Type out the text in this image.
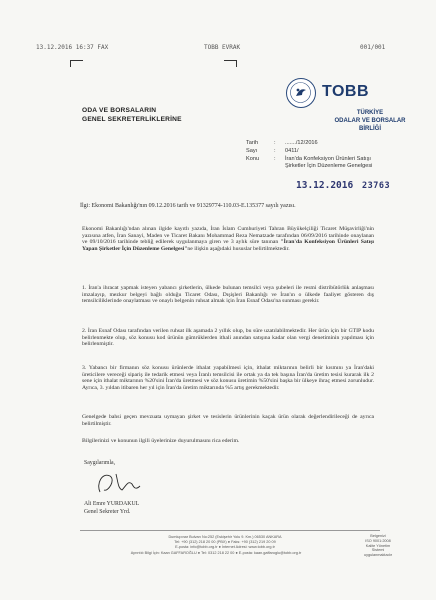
13.12.2016 16:37 FAX	TOBB EVRAK	001/001
TOBB
TÜRKİYE
ODALAR VE BORSALAR
BİRLİĞİ
ODA VE BORSALARIN
GENEL SEKRETERLİKLERİNE
Tarih	: ......./12/2016
Sayı	: 0411/
Konu	: İran'da Konfeksiyon Ürünleri Satışı
Şirketler İçin Düzenleme Genelgesi
13.12.2016 23763
İlgi: Ekonomi Bakanlığı'nın 09.12.2016 tarih ve 91329774-110.03-E.135377 sayılı yazısı.
Ekonomi Bakanlığı'ndan alınan ilgide kayıtlı yazıda, İran İslam Cumhuriyeti Tahran Büyükelçiliği Ticaret Müşavirliği'nin yazısına atfen, İran Sanayi, Maden ve Ticaret Bakanı Mohammad Reza Nematzade tarafından 06/09/2016 tarihinde onaylanan ve 09/10/2016 tarihinde tebliğ edilerek uygulanmaya giren ve 3 aylık süre tanınan "İran'da Konfeksiyon Ürünleri Satışı Yapan Şirketler İçin Düzenleme Genelgesi"ne ilişkin aşağıdaki hususlar belirtilmektedir.
1. İran'a ihracat yapmak isteyen yabancı şirketlerin, ülkede bulunan temsilci veya şubeleri ile resmi distribütörlük anlaşması imzalayıp, mezkur belgeyi bağlı olduğu Ticaret Odası, Dışişleri Bakanlığı ve İran'ın o ülkede faaliyet gösteren dış temsilciliklerinde onaylatması ve onaylı belgenin ruhsat almak için İran Esnaf Odası'na sunması gerekir.
2. İran Esnaf Odası tarafından verilen ruhsat ilk aşamada 2 yıllık olup, bu süre uzatılabilmektedir. Her ürün için bir GTIP kodu belirlenmekte olup, söz konusu kod ürünün gümrüklerden ithali anından satışına kadar olan vergi denetiminin yapılması için belirlenmiştir.
3. Yabancı bir firmanın söz konusu ürünlerde ithalat yapabilmesi için, ithalat miktarının belirli bir kısmını ya İran'daki üreticilere vereceği sipariş ile tedarik etmesi veya İranlı temsilcisi ile ortak ya da tek başına İran'da üretim tesisi kurarak ilk 2 sene için ithalat miktarının %20'sini İran'da üretmesi ve söz konusu üretimin %50'sini başka bir ülkeye ihraç etmesi zorunludur. Ayrıca, 3. yıldan itibaren her yıl için İran'da üretim miktarında %5 artış gerekmektedir.
Genelgede bahsi geçen mevzuata uymayan şirket ve tesislerin ürünlerinin kaçak ürün olarak değerlendirileceği de ayrıca belirtilmiştir.
Bilgilerinizi ve konunun ilgili üyelerinize duyurulmasını rica ederim.
Saygılarımla,
Ali Emre YURDAKUL
Genel Sekreter Yrd.
Dumlupınar Bulvarı No:252 (Eskişehir Yolu 9. Km.) 06530 ANKARA
Tel: +90 (312) 218 20 00 (PBX) ● Faks: +90 (312) 219 20 09
E-posta: info@tobb.org.tr ● İnternet Adresi: www.tobb.org.tr
Ayrıntılı Bilgi İçin: Kaan GAFFAROĞLU ● Tel: 0312 218 22 00 ● E-posta: kaan.gaffaroglu@tobb.org.tr
Belgenizi
ISO 9001:2008
Kalite Yönetim
Sistemi
uygulanmaktadır
